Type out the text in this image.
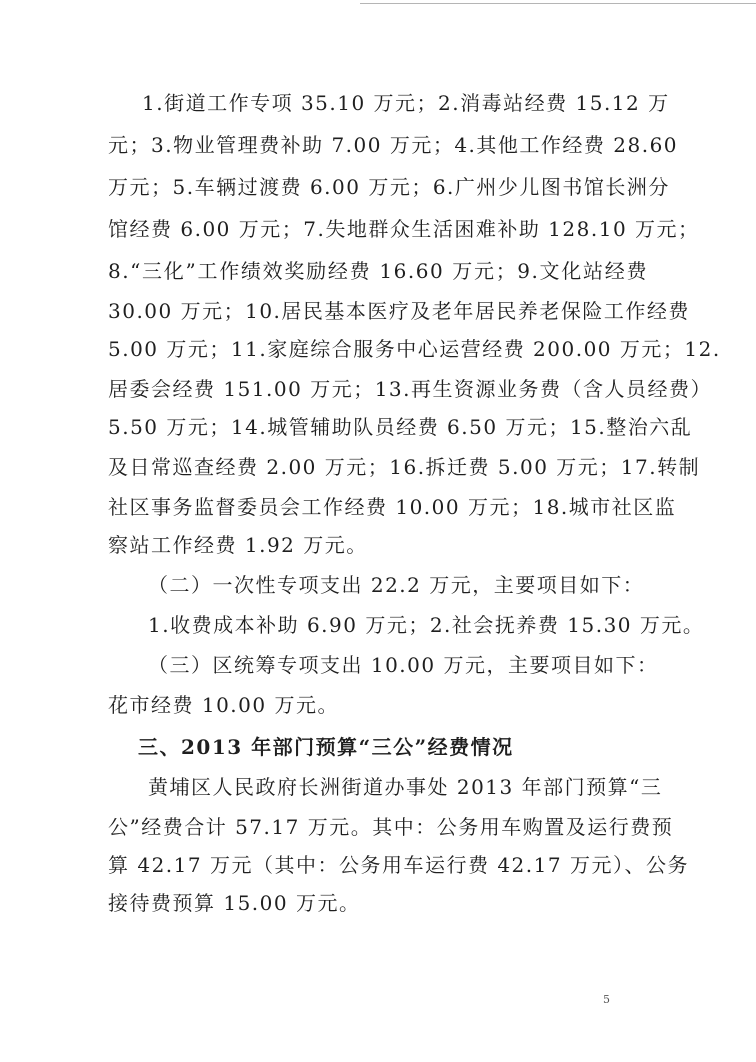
1.街道工作专项 35.10 万元；2.消毒站经费 15.12 万
元；3.物业管理费补助 7.00 万元；4.其他工作经费 28.60
万元；5.车辆过渡费 6.00 万元；6.广州少儿图书馆长洲分
馆经费 6.00 万元；7.失地群众生活困难补助 128.10 万元；
8.“三化”工作绩效奖励经费 16.60 万元；9.文化站经费
30.00 万元；10.居民基本医疗及老年居民养老保险工作经费
5.00 万元；11.家庭综合服务中心运营经费 200.00 万元；12.
居委会经费 151.00 万元；13.再生资源业务费（含人员经费）
5.50 万元；14.城管辅助队员经费 6.50 万元；15.整治六乱
及日常巡查经费 2.00 万元；16.拆迁费 5.00 万元；17.转制
社区事务监督委员会工作经费 10.00 万元；18.城市社区监
察站工作经费 1.92 万元。
（二）一次性专项支出 22.2 万元，主要项目如下：
1.收费成本补助 6.90 万元；2.社会抚养费 15.30 万元。
（三）区统筹专项支出 10.00 万元，主要项目如下：
花市经费 10.00 万元。
三、2013 年部门预算“三公”经费情况
黄埔区人民政府长洲街道办事处 2013 年部门预算“三
公”经费合计 57.17 万元。其中：公务用车购置及运行费预
算 42.17 万元（其中：公务用车运行费 42.17 万元）、公务
接待费预算 15.00 万元。
5
